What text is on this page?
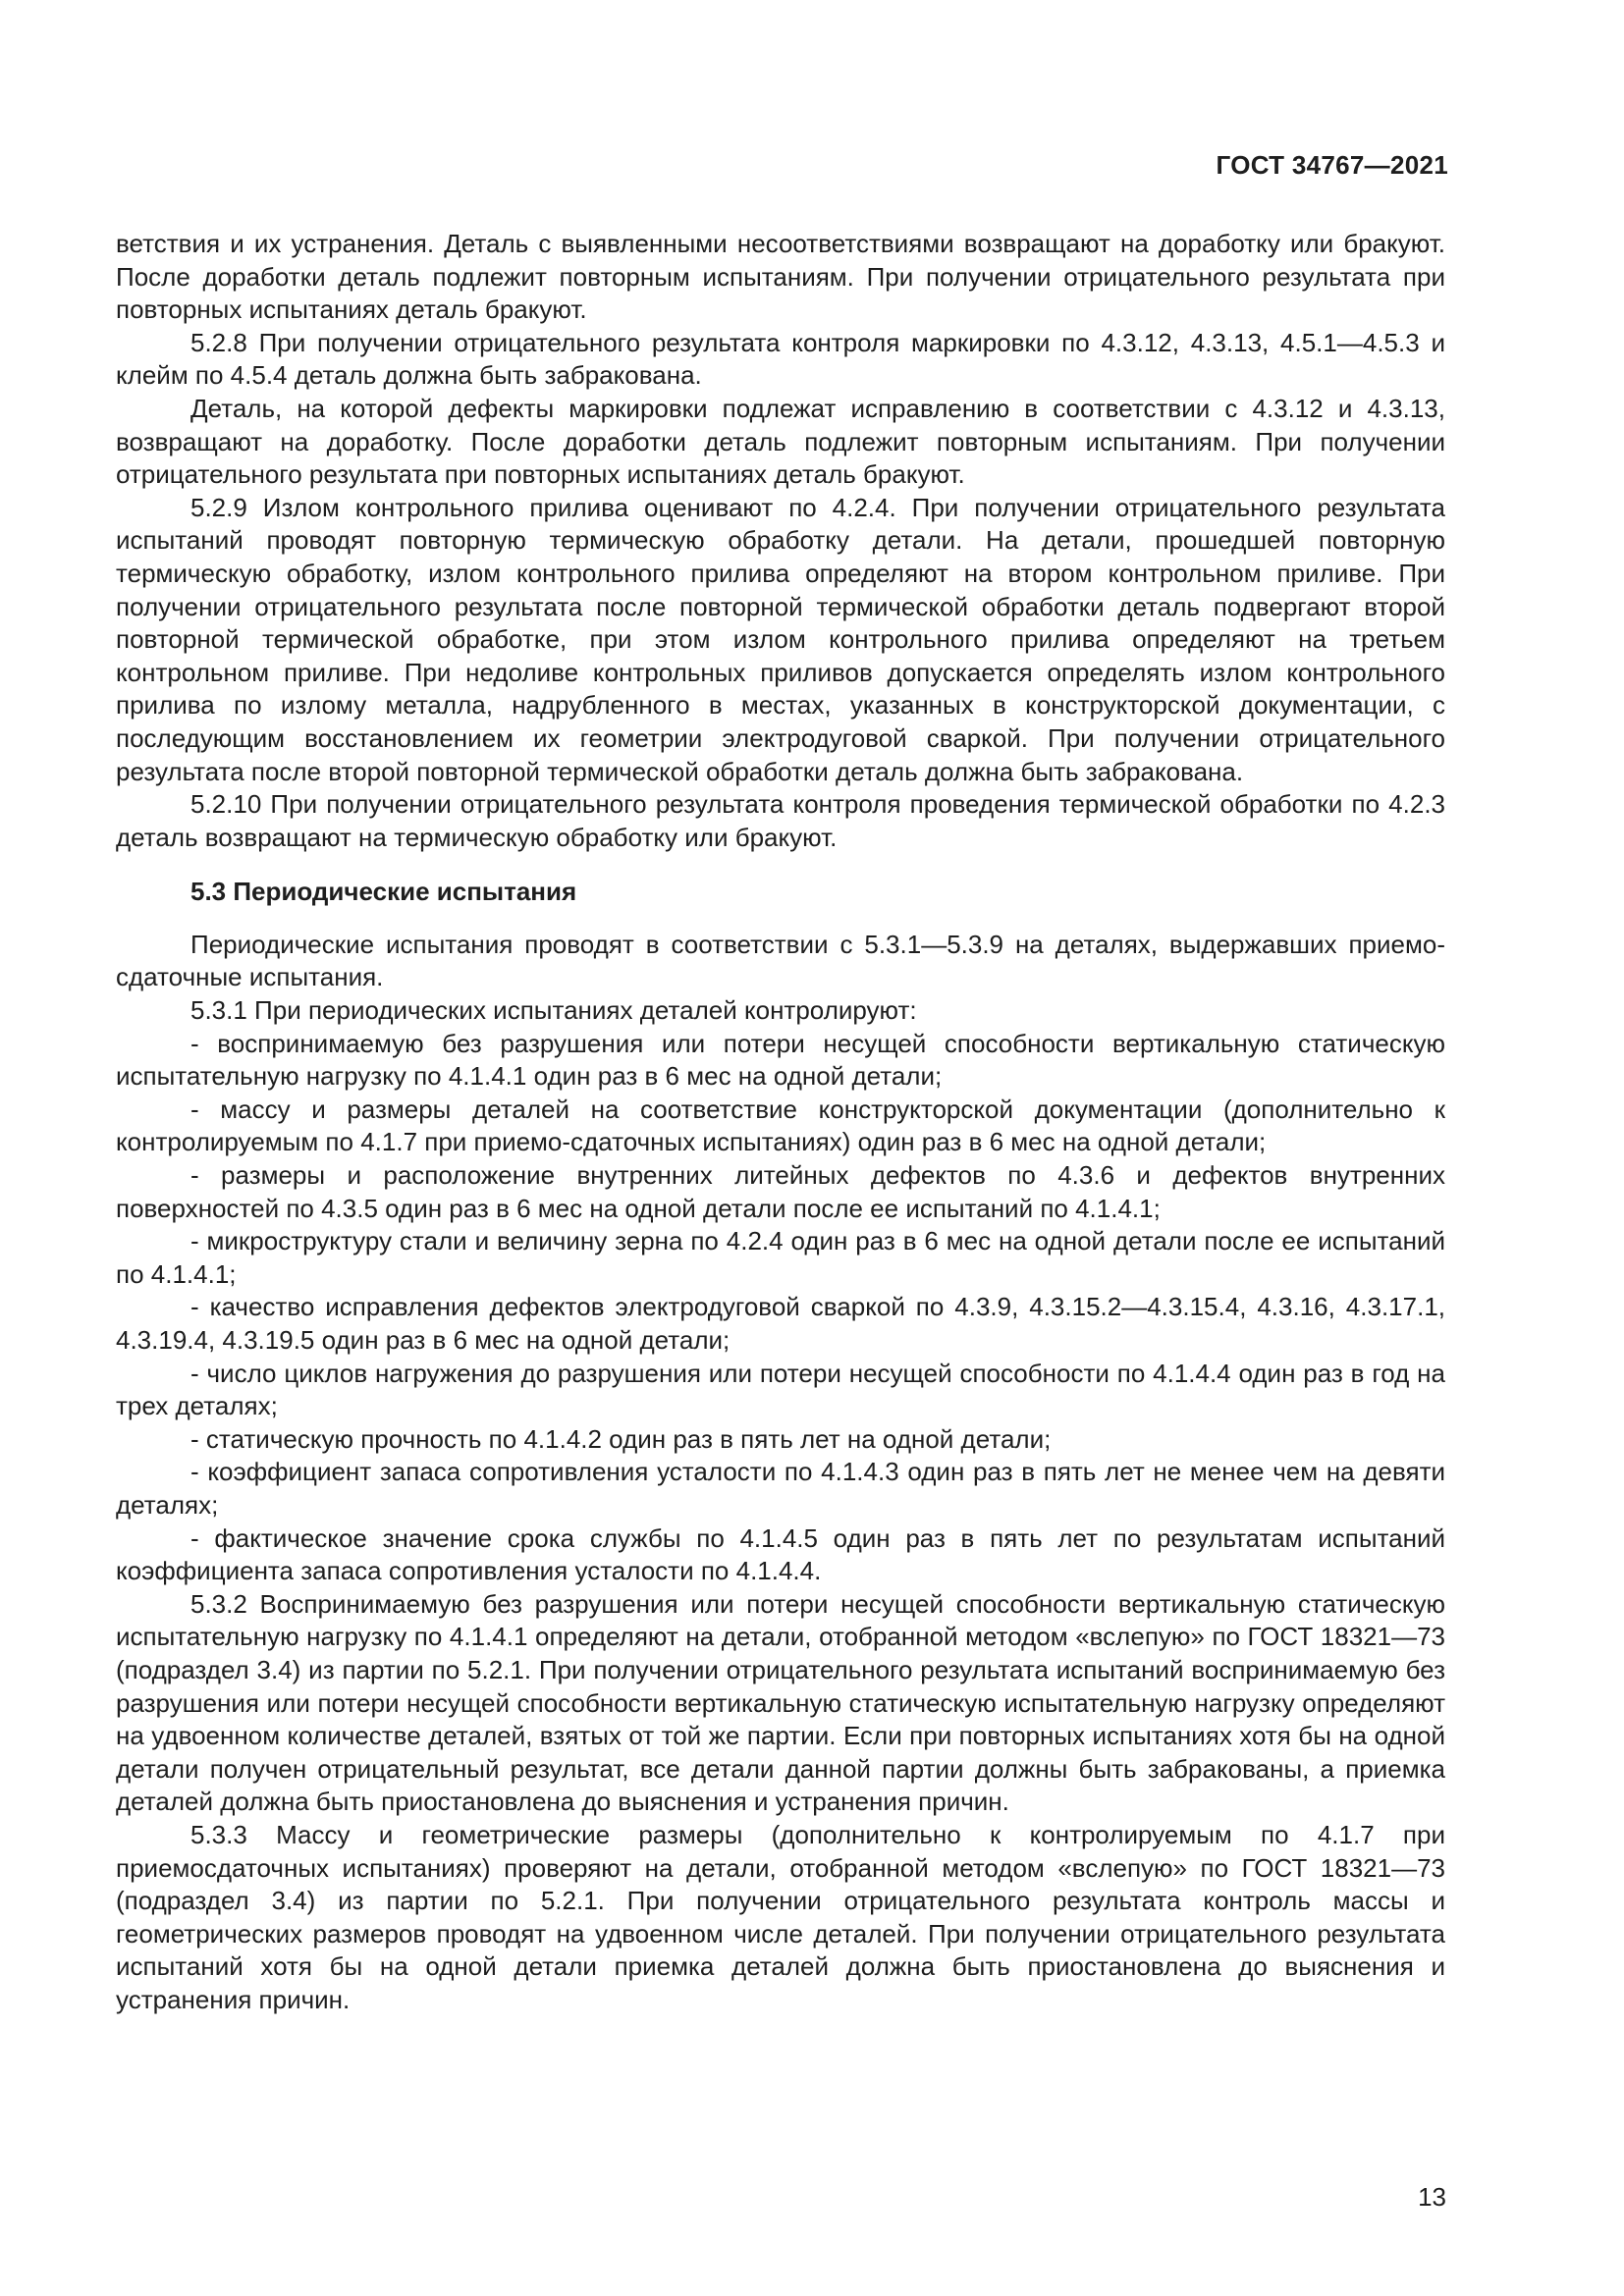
ГОСТ 34767—2021

ветствия и их устранения. Деталь с выявленными несоответствиями возвращают на доработку или бракуют. После доработки деталь подлежит повторным испытаниям. При получении отрицательного результата при повторных испытаниях деталь бракуют.

5.2.8 При получении отрицательного результата контроля маркировки по 4.3.12, 4.3.13, 4.5.1—4.5.3 и клейм по 4.5.4 деталь должна быть забракована.

Деталь, на которой дефекты маркировки подлежат исправлению в соответствии с 4.3.12 и 4.3.13, возвращают на доработку. После доработки деталь подлежит повторным испытаниям. При получении отрицательного результата при повторных испытаниях деталь бракуют.

5.2.9 Излом контрольного прилива оценивают по 4.2.4. При получении отрицательного результата испытаний проводят повторную термическую обработку детали. На детали, прошедшей повторную термическую обработку, излом контрольного прилива определяют на втором контрольном приливе. При получении отрицательного результата после повторной термической обработки деталь подвергают второй повторной термической обработке, при этом излом контрольного прилива определяют на третьем контрольном приливе. При недоливе контрольных приливов допускается определять излом контрольного прилива по излому металла, надрубленного в местах, указанных в конструкторской документации, с последующим восстановлением их геометрии электродуговой сваркой. При получении отрицательного результата после второй повторной термической обработки деталь должна быть забракована.

5.2.10 При получении отрицательного результата контроля проведения термической обработки по 4.2.3 деталь возвращают на термическую обработку или бракуют.

5.3 Периодические испытания

Периодические испытания проводят в соответствии с 5.3.1—5.3.9 на деталях, выдержавших приемо-сдаточные испытания.

5.3.1 При периодических испытаниях деталей контролируют:

- воспринимаемую без разрушения или потери несущей способности вертикальную статическую испытательную нагрузку по 4.1.4.1 один раз в 6 мес на одной детали;

- массу и размеры деталей на соответствие конструкторской документации (дополнительно к контролируемым по 4.1.7 при приемо-сдаточных испытаниях) один раз в 6 мес на одной детали;

- размеры и расположение внутренних литейных дефектов по 4.3.6 и дефектов внутренних поверхностей по 4.3.5 один раз в 6 мес на одной детали после ее испытаний по 4.1.4.1;

- микроструктуру стали и величину зерна по 4.2.4 один раз в 6 мес на одной детали после ее испытаний по 4.1.4.1;

- качество исправления дефектов электродуговой сваркой по 4.3.9, 4.3.15.2—4.3.15.4, 4.3.16, 4.3.17.1, 4.3.19.4, 4.3.19.5 один раз в 6 мес на одной детали;

- число циклов нагружения до разрушения или потери несущей способности по 4.1.4.4 один раз в год на трех деталях;

- статическую прочность по 4.1.4.2 один раз в пять лет на одной детали;

- коэффициент запаса сопротивления усталости по 4.1.4.3 один раз в пять лет не менее чем на девяти деталях;

- фактическое значение срока службы по 4.1.4.5 один раз в пять лет по результатам испытаний коэффициента запаса сопротивления усталости по 4.1.4.4.

5.3.2 Воспринимаемую без разрушения или потери несущей способности вертикальную статическую испытательную нагрузку по 4.1.4.1 определяют на детали, отобранной методом «вслепую» по ГОСТ 18321—73 (подраздел 3.4) из партии по 5.2.1. При получении отрицательного результата испытаний воспринимаемую без разрушения или потери несущей способности вертикальную статическую испытательную нагрузку определяют на удвоенном количестве деталей, взятых от той же партии. Если при повторных испытаниях хотя бы на одной детали получен отрицательный результат, все детали данной партии должны быть забракованы, а приемка деталей должна быть приостановлена до выяснения и устранения причин.

5.3.3 Массу и геометрические размеры (дополнительно к контролируемым по 4.1.7 при приемосдаточных испытаниях) проверяют на детали, отобранной методом «вслепую» по ГОСТ 18321—73 (подраздел 3.4) из партии по 5.2.1. При получении отрицательного результата контроль массы и геометрических размеров проводят на удвоенном числе деталей. При получении отрицательного результата испытаний хотя бы на одной детали приемка деталей должна быть приостановлена до выяснения и устранения причин.

13
